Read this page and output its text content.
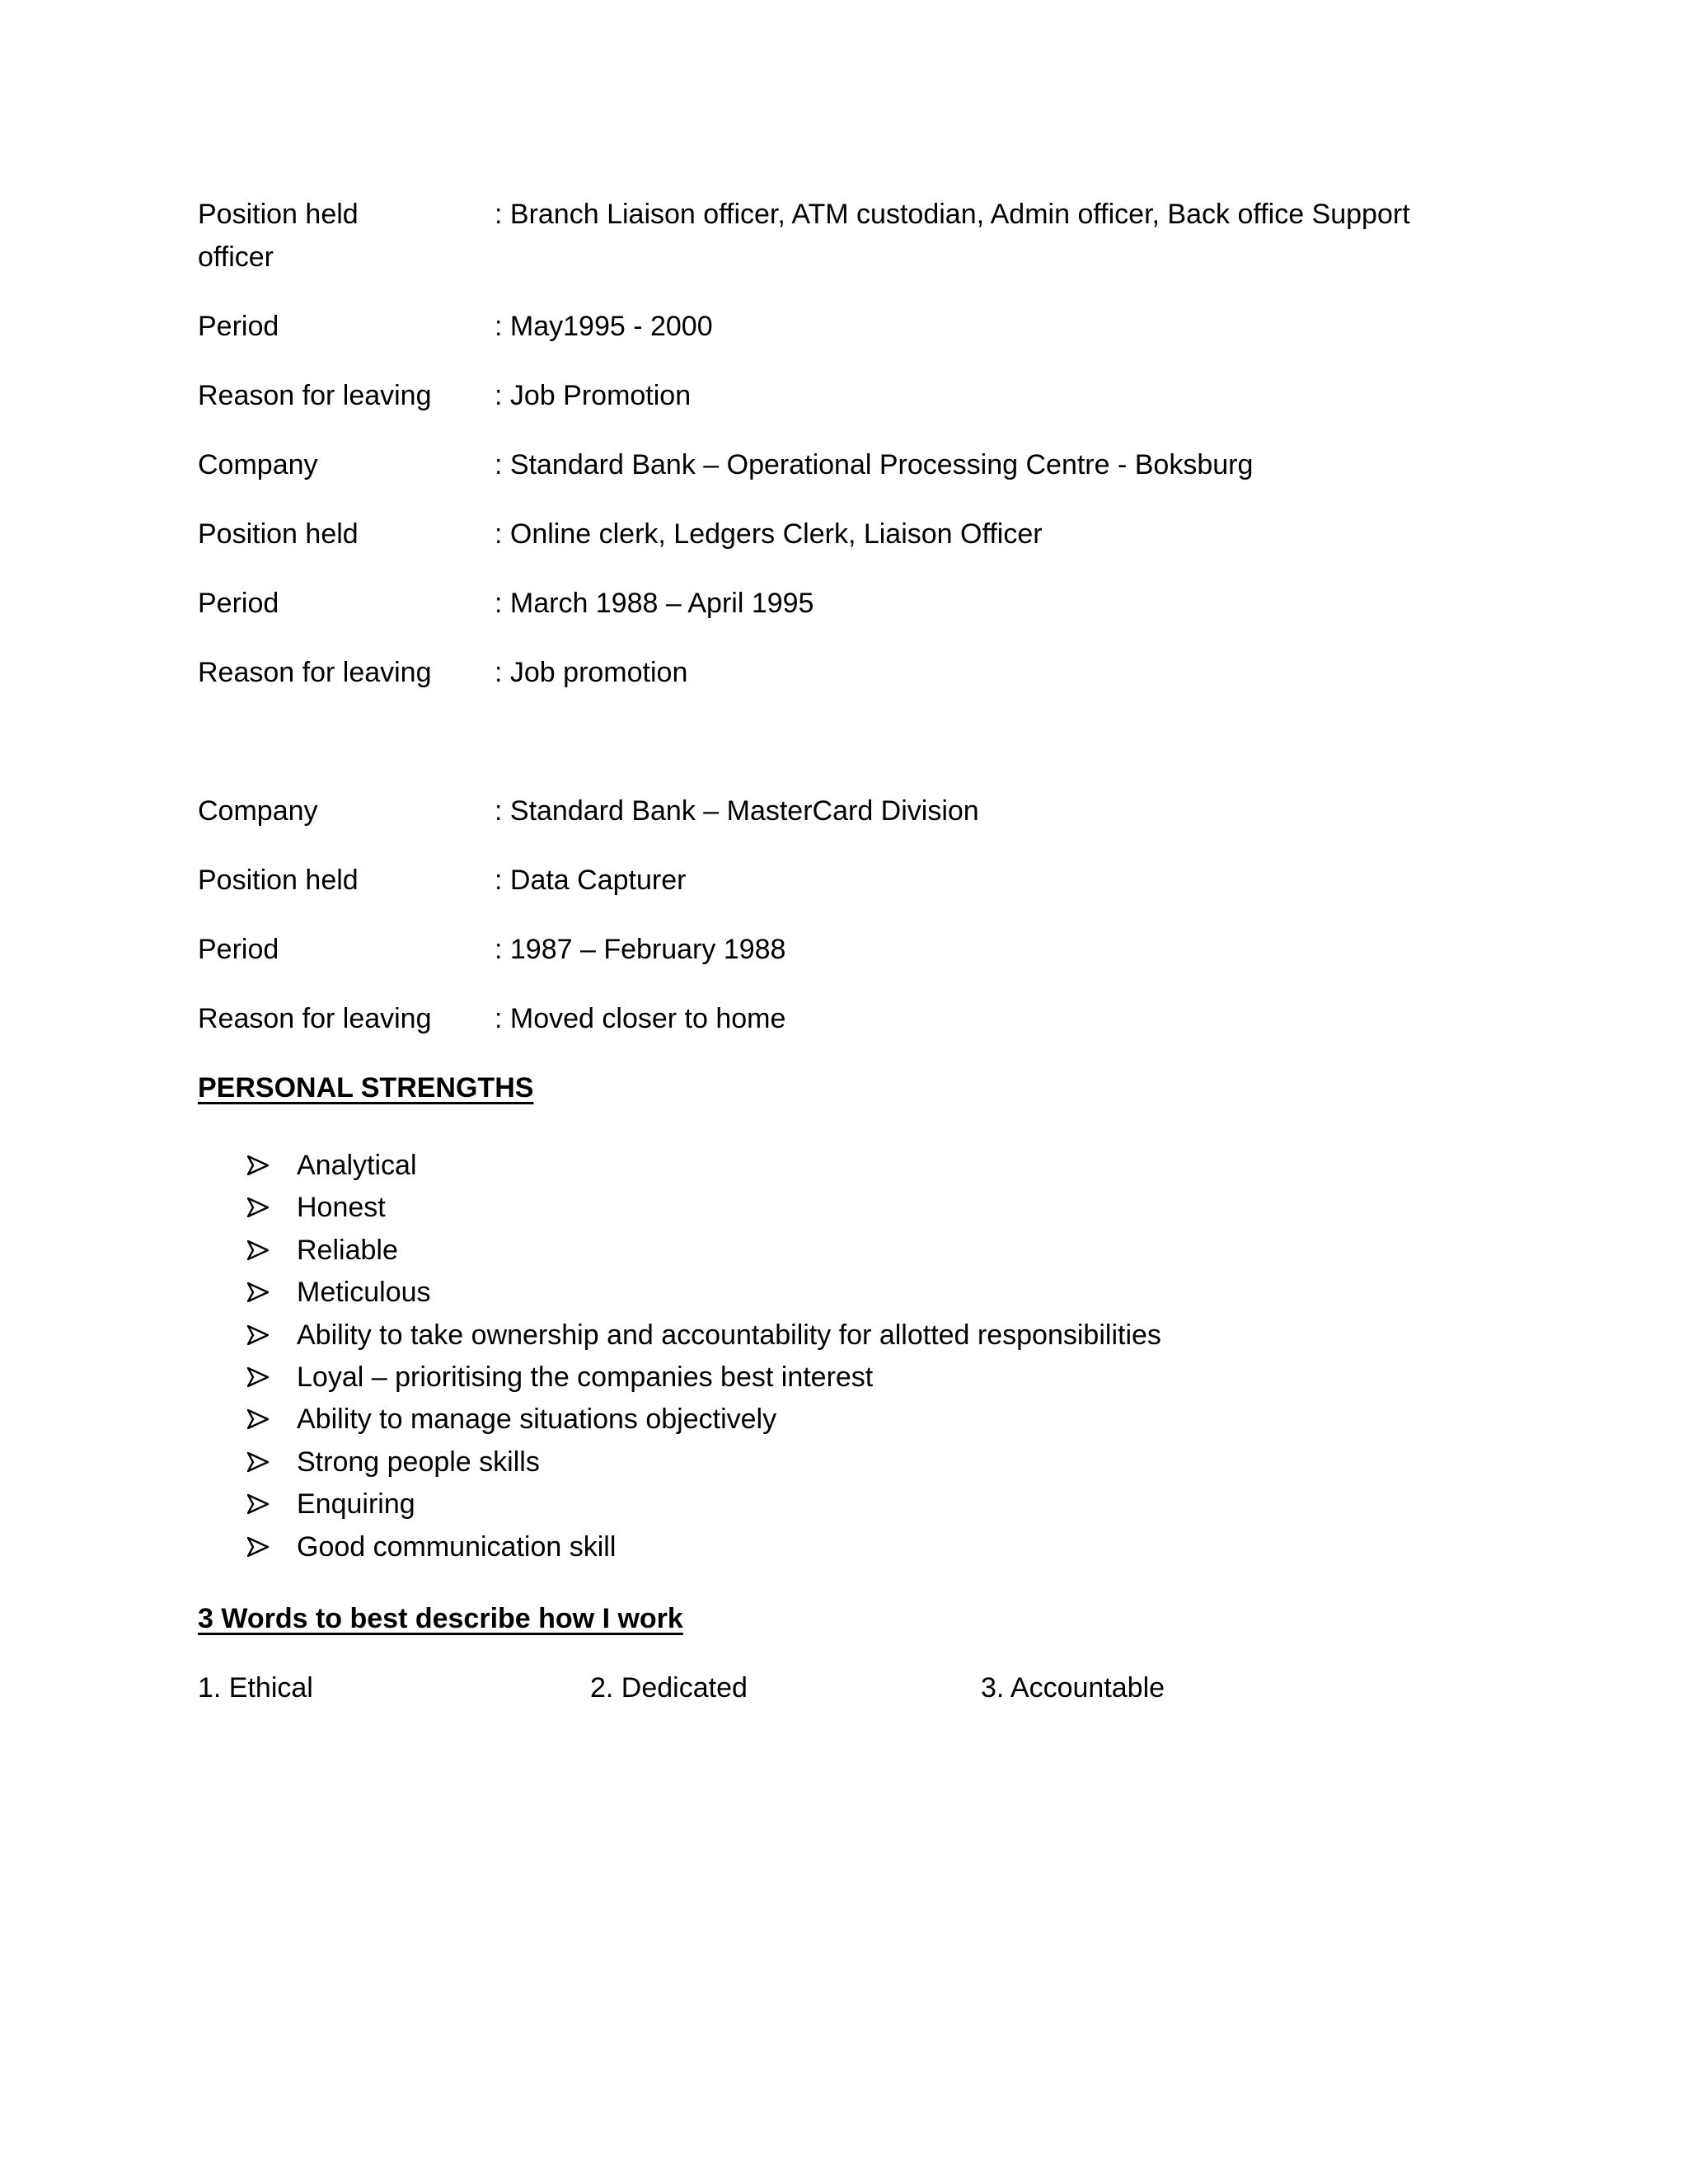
Position held	: Branch Liaison officer, ATM custodian, Admin officer, Back office Support
officer
Period	: May1995 - 2000
Reason for leaving : Job Promotion
Company	: Standard Bank – Operational Processing Centre - Boksburg
Position held	: Online clerk, Ledgers Clerk, Liaison Officer
Period	: March 1988 – April 1995
Reason for leaving : Job promotion
Company	: Standard Bank – MasterCard Division
Position held	: Data Capturer
Period	: 1987 – February 1988
Reason for leaving : Moved closer to home
PERSONAL STRENGTHS
Analytical
Honest
Reliable
Meticulous
Ability to take ownership and accountability for allotted responsibilities
Loyal – prioritising the companies best interest
Ability to manage situations objectively
Strong people skills
Enquiring
Good communication skill
3 Words to best describe how I work
1. Ethical	2. Dedicated	3. Accountable
